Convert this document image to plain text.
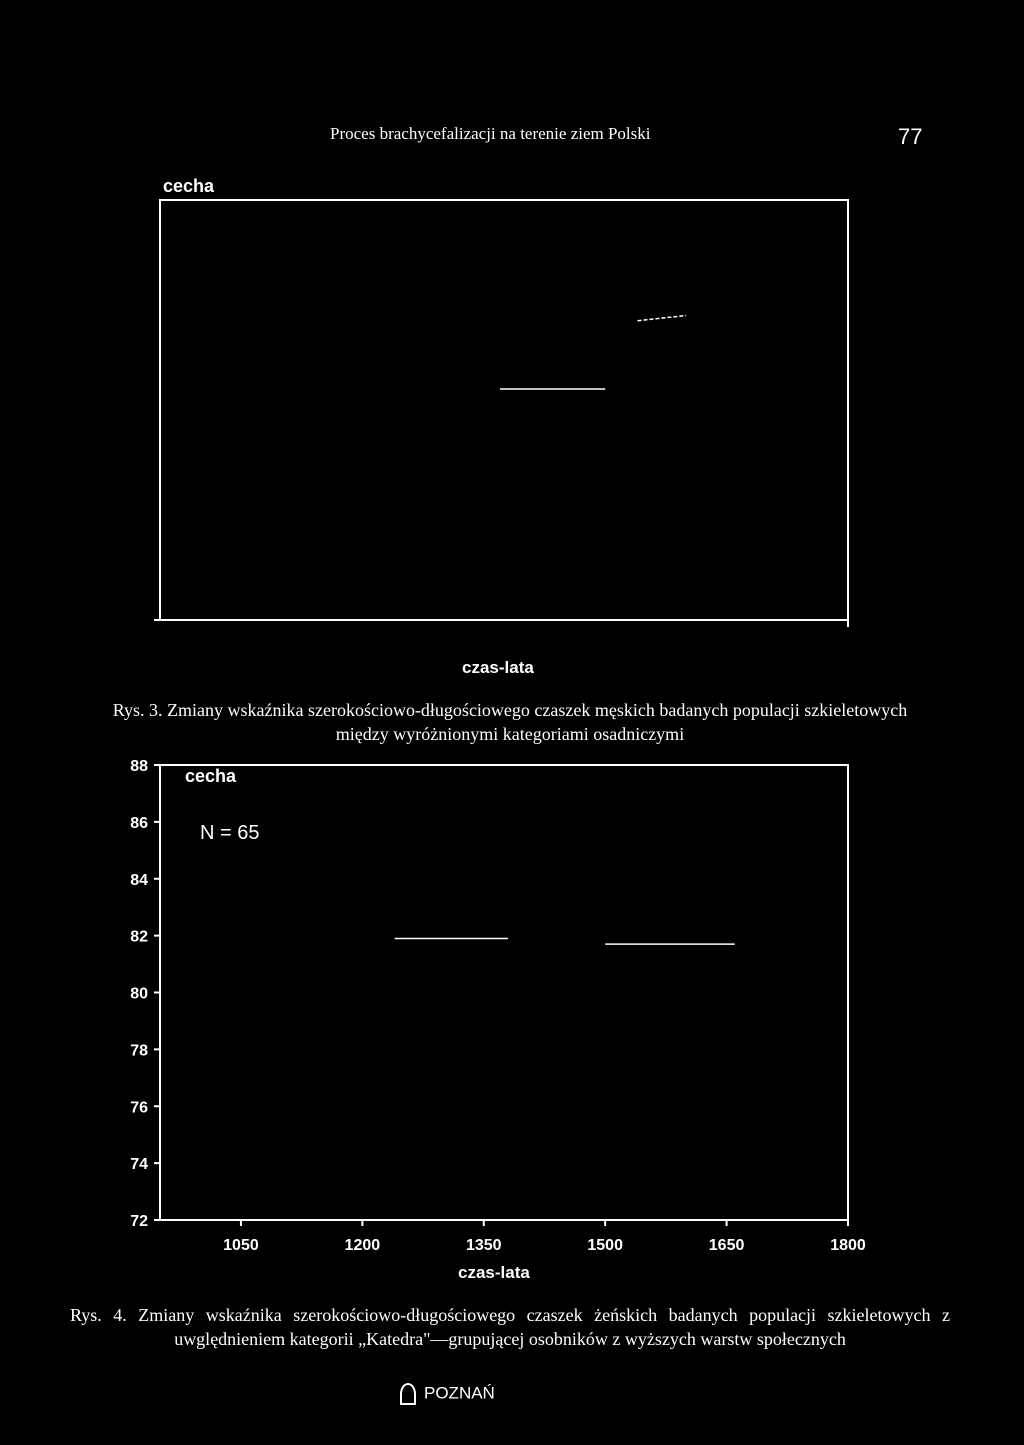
Proces brachycefalizacji na terenie ziem Polski	77
cecha
czas-lata
Rys. 3. Zmiany wskaźnika szerokościowo-długościowego czaszek męskich badanych populacji szkieletowych między wyróżnionymi kategoriami osadniczymi
cecha
N = 65
88
86
84
82
80
78
76
74
72
1050	1200	1350	1500	1650	1800
czas-lata
Rys. 4. Zmiany wskaźnika szerokościowo-długościowego czaszek żeńskich badanych populacji szkieletowych z uwględnieniem kategorii „Katedra"—grupującej osobników z wyższych warstw społecznych
POZNAŃ
